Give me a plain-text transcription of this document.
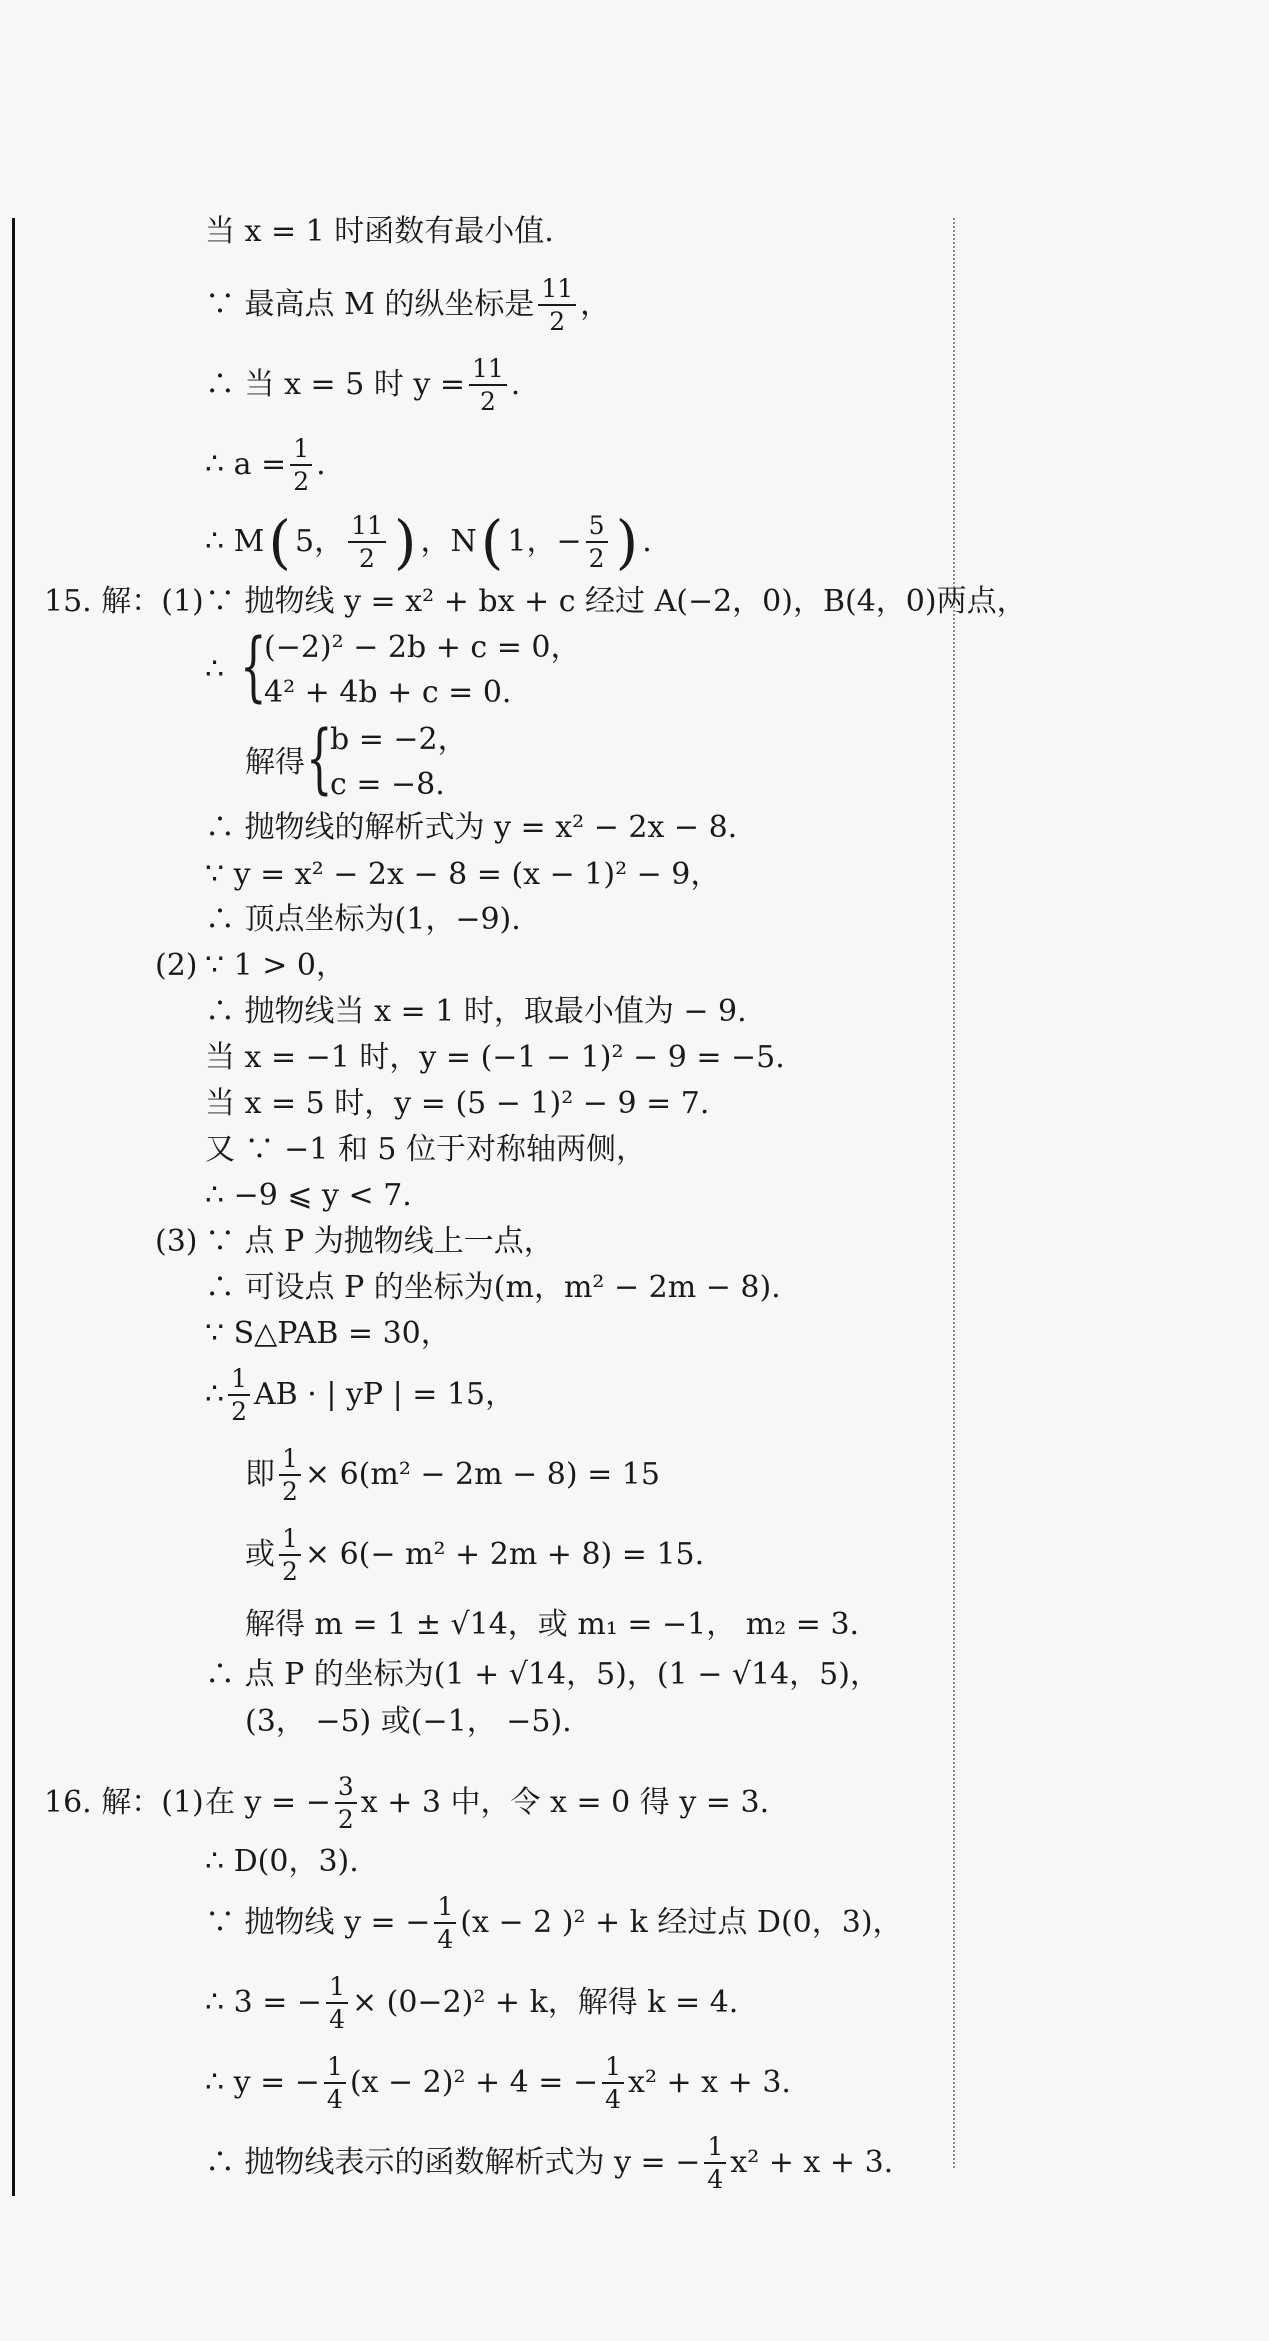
当 x = 1 时函数有最小值.
∵ 最高点 M 的纵坐标是 $\frac{11}{2}$ ，
∴ 当 x = 5 时 $y = \frac{11}{2}$ .
∴ $a = \frac{1}{2}$ .
∴ M ( 5， $\frac{11}{2}$ ) ，N ( 1，− $\frac{5}{2}$ ) .
15. 解：(1) ∵ 抛物线 y = x² + bx + c 经过 A(−2，0)，B(4，0)两点，
∴ {
(−2)² − 2b + c = 0，
4² + 4b + c = 0.
解得 {
b = −2，
c = −8.
∴ 抛物线的解析式为 y = x² − 2x − 8.
∵ y = x² − 2x − 8 = (x − 1)² − 9，
∴ 顶点坐标为(1，−9).
(2) ∵ 1 > 0，
∴ 抛物线当 x = 1 时，取最小值为 − 9.
当 x = −1 时，y = (−1 − 1)² − 9 = −5.
当 x = 5 时，y = (5 − 1)² − 9 = 7.
又 ∵ −1 和 5 位于对称轴两侧，
∴ −9 ⩽ y < 7.
(3) ∵ 点 P 为抛物线上一点，
∴ 可设点 P 的坐标为(m，m² − 2m − 8).
∵ S△PAB = 30，
∴ $\frac{1}{2}$ AB · | yP | = 15，
即 $\frac{1}{2} \times 6(m^2 - 2m - 8) = 15$
或 $\frac{1}{2} \times 6(- m^2 + 2m + 8) = 15$.
解得 m = 1 ± √14，或 m₁ = −1， m₂ = 3.
∴ 点 P 的坐标为(1 + √14，5)，(1 − √14，5)，
(3， −5) 或(−1， −5).
16. 解：(1) 在 y = − $\frac{3}{2}$ x + 3 中，令 x = 0 得 y = 3.
∴ D(0，3).
∵ 抛物线 y = − $\frac{1}{4} (x - 2$ )² + k 经过点 D(0，3)，
∴ 3 = − $\frac{1}{4} \times (0-2)^2 + k$，解得 k = 4.
∴ y = − $\frac{1}{4} (x - 2)^2 + 4$ = − $\frac{1}{4} x^2 + x + 3$.
∴ 抛物线表示的函数解析式为 y = − $\frac{1}{4} x^2 + x + 3$.
